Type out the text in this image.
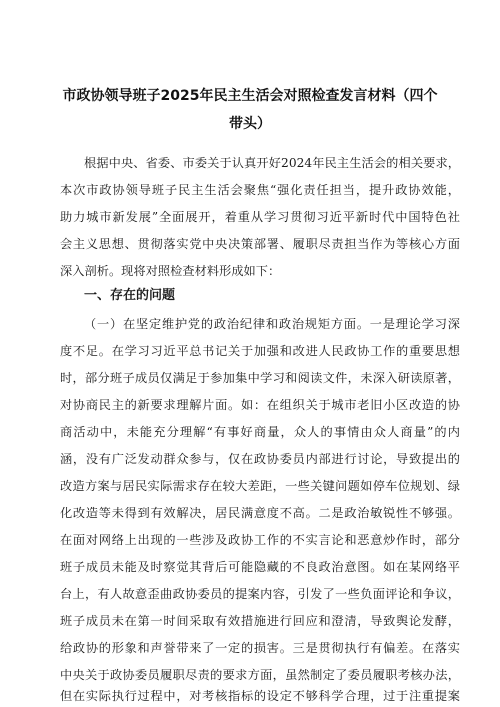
市政协领导班子2025年民主生活会对照检查发言材料（四个
带头）
根据中央、省委、市委关于认真开好2024年民主生活会的相关要求，
本次市政协领导班子民主生活会聚焦“强化责任担当，提升政协效能，
助力城市新发展”全面展开，着重从学习贯彻习近平新时代中国特色社
会主义思想、贯彻落实党中央决策部署、履职尽责担当作为等核心方面
深入剖析。现将对照检查材料形成如下：
一、存在的问题
（一）在坚定维护党的政治纪律和政治规矩方面。一是理论学习深
度不足。在学习习近平总书记关于加强和改进人民政协工作的重要思想
时，部分班子成员仅满足于参加集中学习和阅读文件，未深入研读原著，
对协商民主的新要求理解片面。如：在组织关于城市老旧小区改造的协
商活动中，未能充分理解“有事好商量，众人的事情由众人商量”的内
涵，没有广泛发动群众参与，仅在政协委员内部进行讨论，导致提出的
改造方案与居民实际需求存在较大差距，一些关键问题如停车位规划、绿
化改造等未得到有效解决，居民满意度不高。二是政治敏锐性不够强。
在面对网络上出现的一些涉及政协工作的不实言论和恶意炒作时，部分
班子成员未能及时察觉其背后可能隐藏的不良政治意图。如在某网络平
台上，有人故意歪曲政协委员的提案内容，引发了一些负面评论和争议，
班子成员未在第一时间采取有效措施进行回应和澄清，导致舆论发酵，
给政协的形象和声誉带来了一定的损害。三是贯彻执行有偏差。在落实
中央关于政协委员履职尽责的要求方面，虽然制定了委员履职考核办法，
但在实际执行过程中，对考核指标的设定不够科学合理，过于注重提案
